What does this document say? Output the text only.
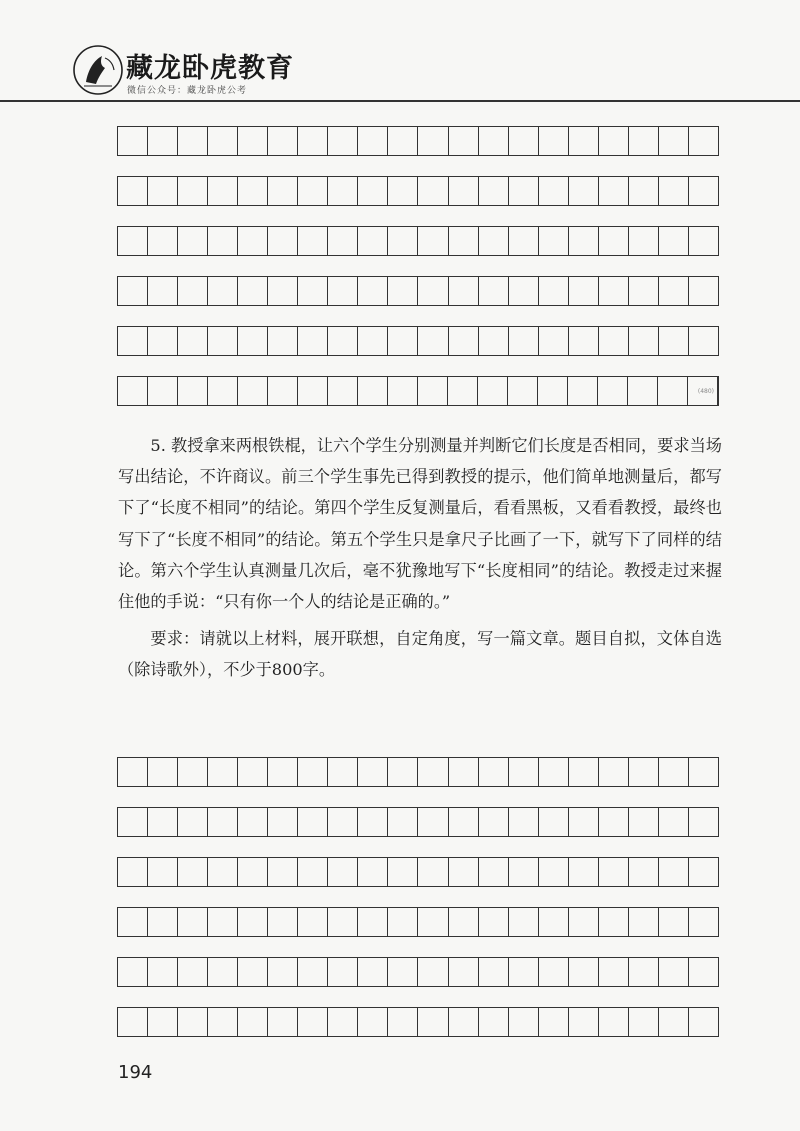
藏龙卧虎教育
微信公众号：藏龙卧虎公考
(480)

5. 教授拿来两根铁棍，让六个学生分别测量并判断它们长度是否相同，要求当场写出结论，不许商议。前三个学生事先已得到教授的提示，他们简单地测量后，都写下了“长度不相同”的结论。第四个学生反复测量后，看看黑板，又看看教授，最终也写下了“长度不相同”的结论。第五个学生只是拿尺子比画了一下，就写下了同样的结论。第六个学生认真测量几次后，毫不犹豫地写下“长度相同”的结论。教授走过来握住他的手说：“只有你一个人的结论是正确的。”

要求：请就以上材料，展开联想，自定角度，写一篇文章。题目自拟，文体自选（除诗歌外），不少于800字。

194
